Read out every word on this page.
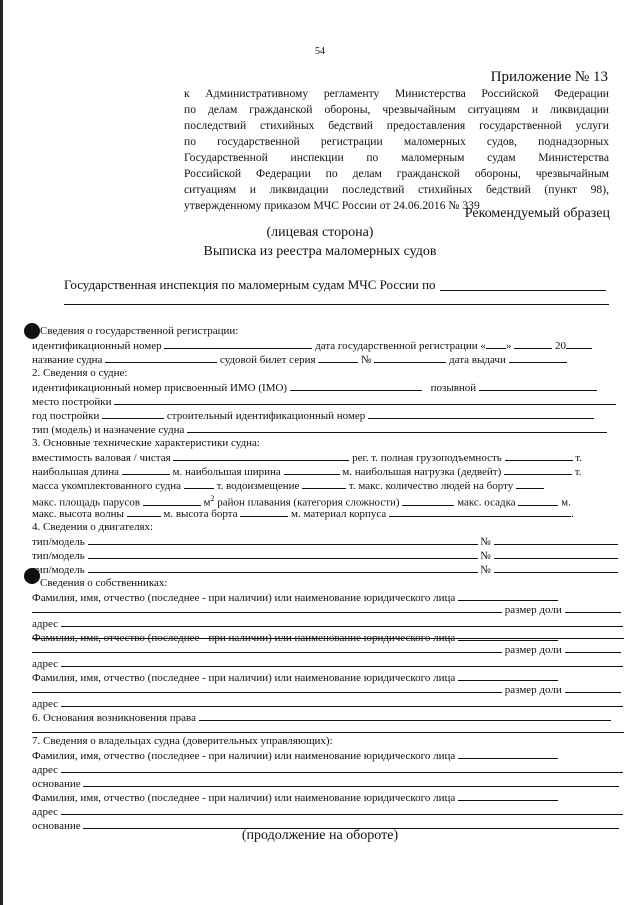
54
Приложение № 13
к Административному регламенту Министерства Российской Федерации
по делам гражданской обороны, чрезвычайным ситуациям и ликвидации
последствий стихийных бедствий предоставления государственной услуги
по государственной регистрации маломерных судов, поднадзорных
Государственной инспекции по маломерным судам Министерства
Российской Федерации по делам гражданской обороны, чрезвычайным
ситуациям и ликвидации последствий стихийных бедствий (пункт 98),
утвержденному приказом МЧС России от 24.06.2016 № 339
Рекомендуемый образец
(лицевая сторона)
Выписка из реестра маломерных судов
Государственная инспекция по маломерным судам МЧС России по
Сведения о государственной регистрации:
идентификационный номер	дата государственной регистрации « »	20
название судна	судовой билет серия	№	дата выдачи
2. Сведения о судне:
идентификационный номер присвоенный ИМО (IMO)	позывной
место постройки
год постройки	строительный идентификационный номер
тип (модель) и назначение судна
3. Основные технические характеристики судна:
вместимость валовая / чистая	рег. т. полная грузоподъемность	т.
наибольшая длина	м. наибольшая ширина	м. наибольшая нагрузка (дедвейт)	т.
масса укомплектованного судна	т. водоизмещение	т. макс. количество людей на борту
макс. площадь парусов	$м^2$ район плавания (категория сложности)	макс. осадка	м.
макс. высота волны	м. высота борта	м. материал корпуса	.
4. Сведения о двигателях:
тип/модель	№
тип/модель	№
тип/модель	№
Сведения о собственниках:
Фамилия, имя, отчество (последнее - при наличии) или наименование юридического лица
размер доли
адрес
Фамилия, имя, отчество (последнее - при наличии) или наименование юридического лица
размер доли
адрес
Фамилия, имя, отчество (последнее - при наличии) или наименование юридического лица
размер доли
адрес
6. Основания возникновения права
7. Сведения о владельцах судна (доверительных управляющих):
Фамилия, имя, отчество (последнее - при наличии) или наименование юридического лица
адрес
основание
Фамилия, имя, отчество (последнее - при наличии) или наименование юридического лица
адрес
основание
(продолжение на обороте)
